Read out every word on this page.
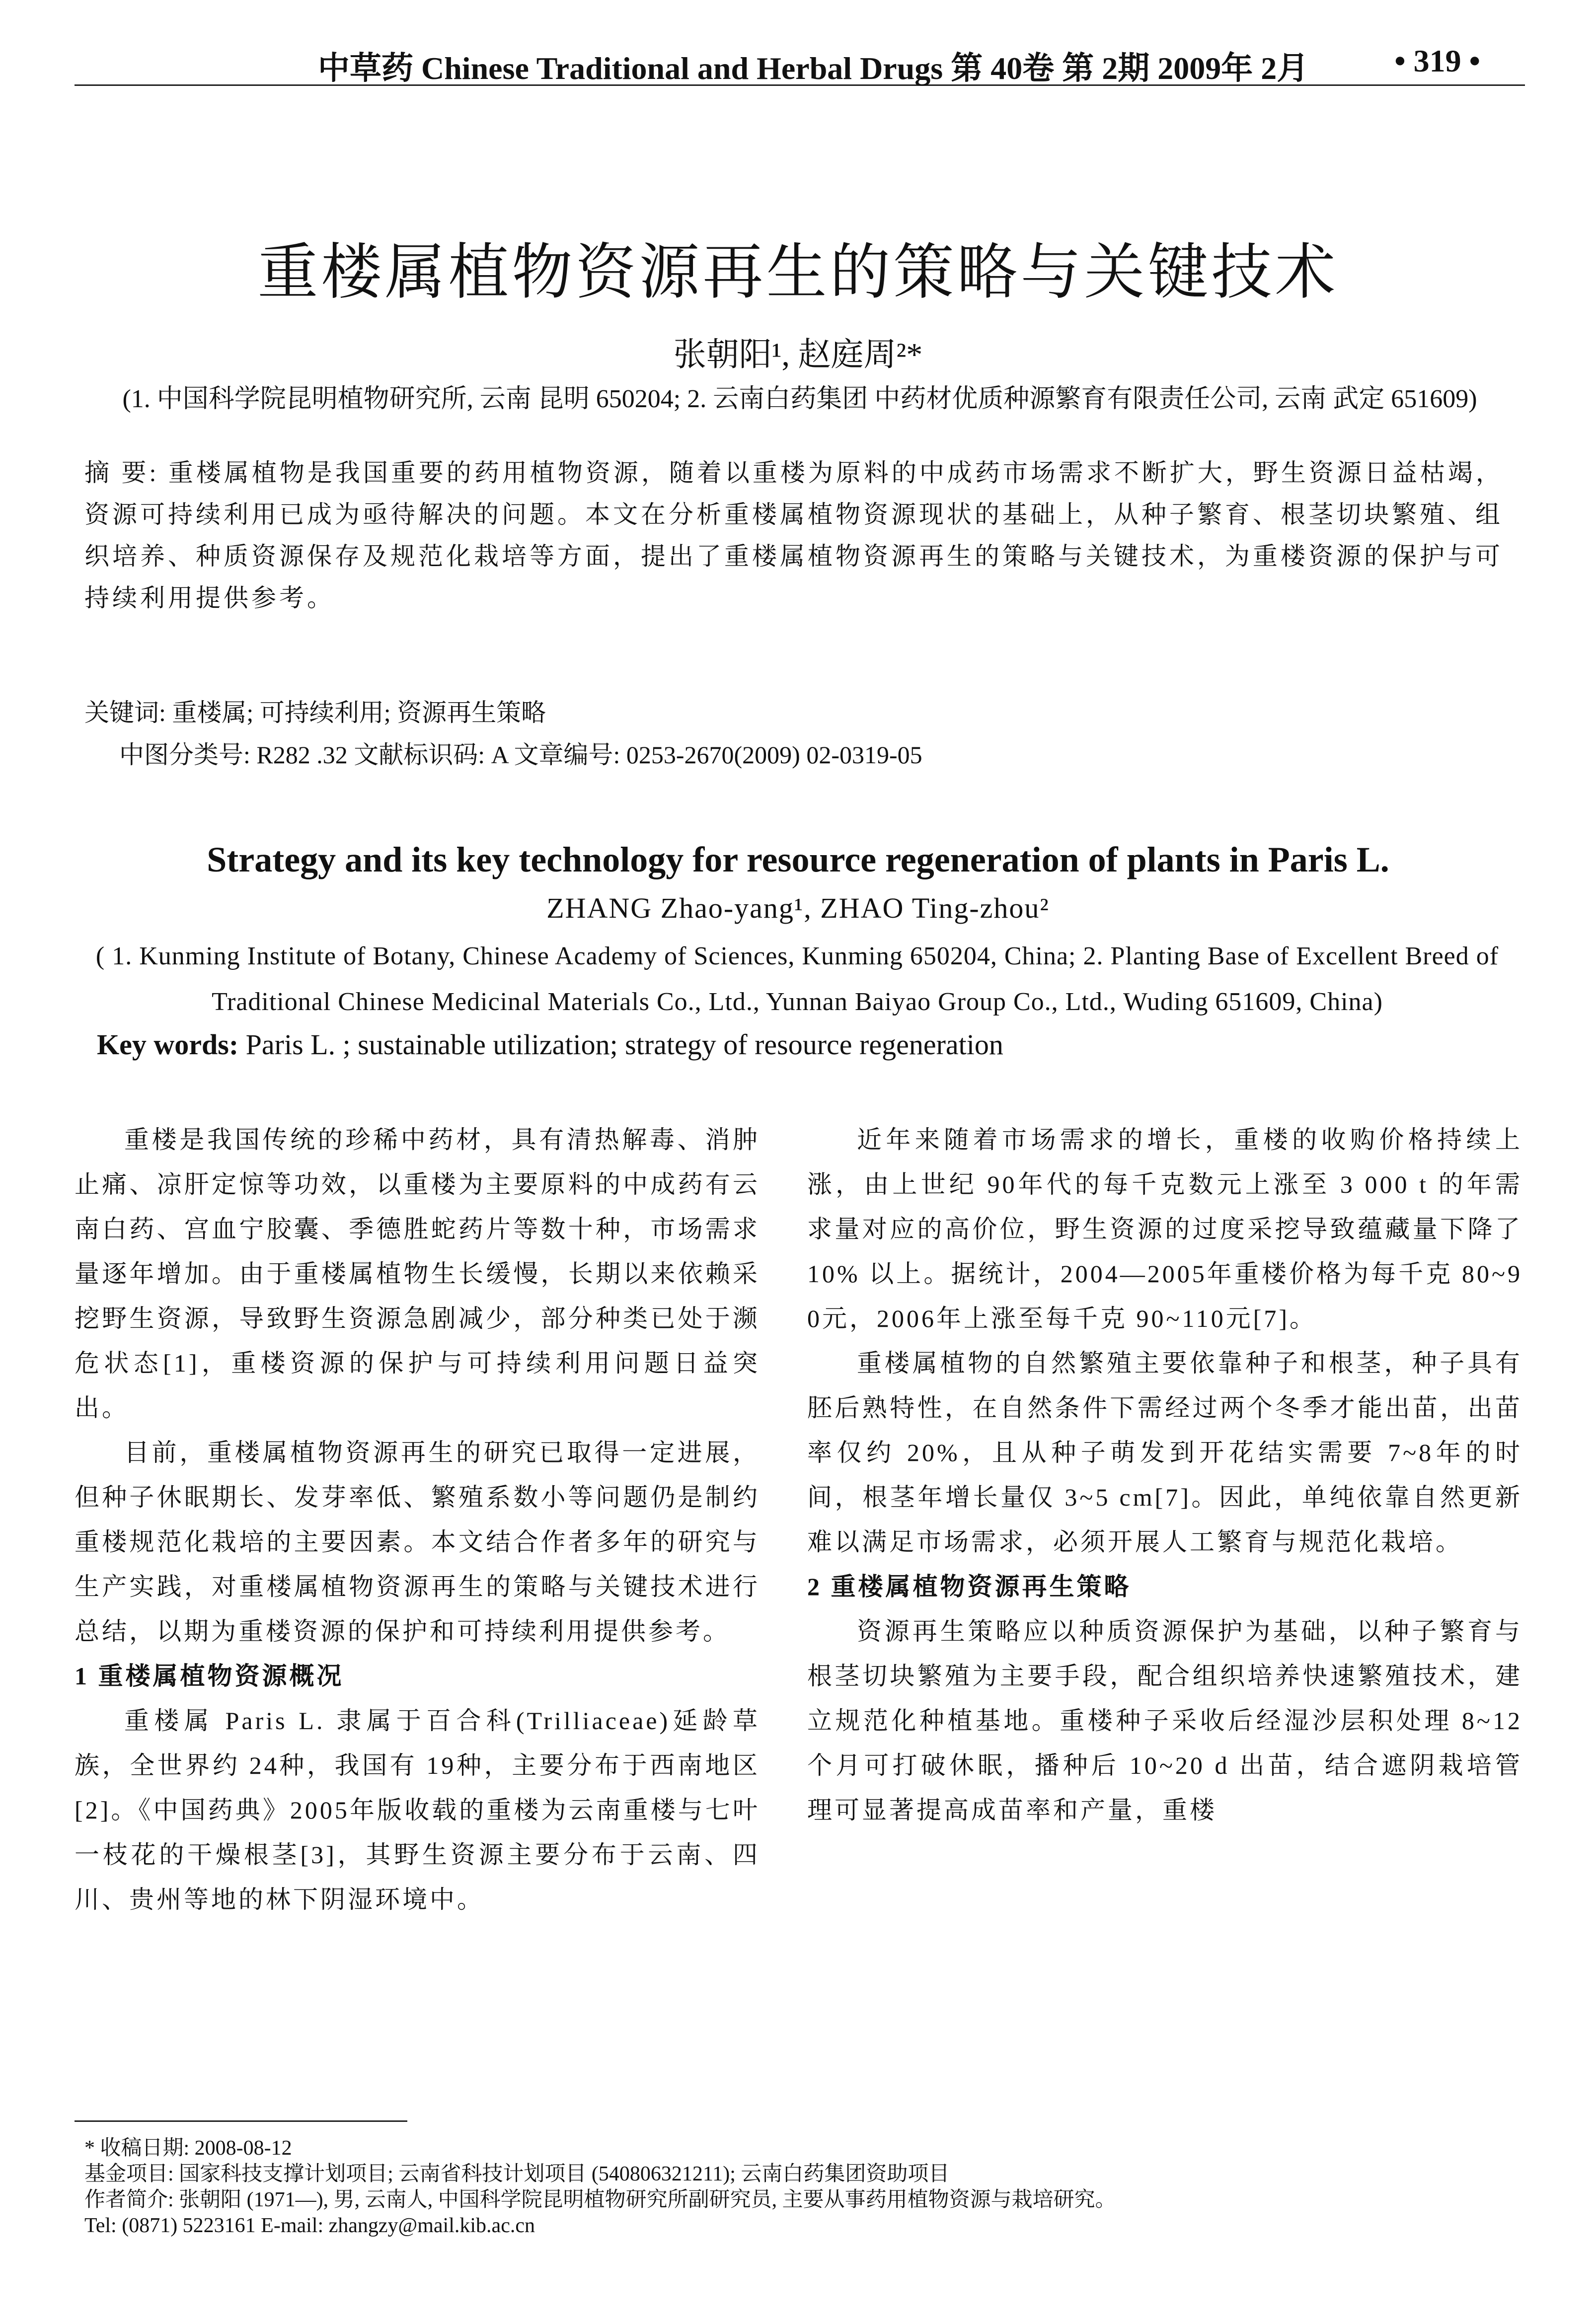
中草药 Chinese Traditional and Herbal Drugs 第 40卷 第 2期 2009年 2月	• 319 •
重楼属植物资源再生的策略与关键技术
张朝阳¹, 赵庭周²*
(1. 中国科学院昆明植物研究所, 云南 昆明 650204; 2. 云南白药集团 中药材优质种源繁育有限责任公司, 云南 武定 651609)
摘 要: 重楼属植物是我国重要的药用植物资源，随着以重楼为原料的中成药市场需求不断扩大，野生资源日益枯竭，资源可持续利用已成为亟待解决的问题。本文在分析重楼属植物资源现状的基础上，从种子繁育、根茎切块繁殖、组织培养、种质资源保存及规范化栽培等方面，提出了重楼属植物资源再生的策略与关键技术，为重楼资源的保护与可持续利用提供参考。
关键词: 重楼属; 可持续利用; 资源再生策略
中图分类号: R282 .32 文献标识码: A 文章编号: 0253-2670(2009) 02-0319-05
Strategy and its key technology for resource regeneration of plants in Paris L.
ZHANG Zhao-yang¹, ZHAO Ting-zhou²
( 1. Kunming Institute of Botany, Chinese Academy of Sciences, Kunming 650204, China; 2. Planting Base of Excellent Breed of Traditional Chinese Medicinal Materials Co., Ltd., Yunnan Baiyao Group Co., Ltd., Wuding 651609, China)
Key words: Paris L. ; sustainable utilization; strategy of resource regeneration

重楼是我国传统的珍稀中药材，具有清热解毒、消肿止痛、凉肝定惊等功效，以重楼为主要原料的中成药有云南白药、宫血宁胶囊、季德胜蛇药片等数十种，市场需求量逐年增加。由于重楼属植物生长缓慢，长期以来依赖采挖野生资源，导致野生资源急剧减少，部分种类已处于濒危状态[1]，重楼资源的保护与可持续利用问题日益突出。

目前，重楼属植物资源再生的研究已取得一定进展，但种子休眠期长、发芽率低、繁殖系数小等问题仍是制约重楼规范化栽培的主要因素。本文结合作者多年的研究与生产实践，对重楼属植物资源再生的策略与关键技术进行总结，以期为重楼资源的保护和可持续利用提供参考。

1 重楼属植物资源概况

重楼属 Paris L. 隶属于百合科(Trilliaceae)延龄草族，全世界约 24种，我国有 19种，主要分布于西南地区[2]。《中国药典》2005年版收载的重楼为云南重楼与七叶一枝花的干燥根茎[3]，其野生资源主要分布于云南、四川、贵州等地的林下阴湿环境中。

近年来随着市场需求的增长，重楼的收购价格持续上涨，由上世纪 90年代的每千克数元上涨至 3 000 t 的年需求量对应的高价位，野生资源的过度采挖导致蕴藏量下降了 10% 以上。据统计，2004—2005年重楼价格为每千克 80~90元，2006年上涨至每千克 90~110元[7]。

重楼属植物的自然繁殖主要依靠种子和根茎，种子具有胚后熟特性，在自然条件下需经过两个冬季才能出苗，出苗率仅约 20%，且从种子萌发到开花结实需要 7~8年的时间，根茎年增长量仅 3~5 cm[7]。因此，单纯依靠自然更新难以满足市场需求，必须开展人工繁育与规范化栽培。

2 重楼属植物资源再生策略

资源再生策略应以种质资源保护为基础，以种子繁育与根茎切块繁殖为主要手段，配合组织培养快速繁殖技术，建立规范化种植基地。重楼种子采收后经湿沙层积处理 8~12个月可打破休眠，播种后 10~20 d 出苗，结合遮阴栽培管理可显著提高成苗率和产量，重楼

* 收稿日期: 2008-08-12
基金项目: 国家科技支撑计划项目; 云南省科技计划项目 (540806321211); 云南白药集团资助项目
作者简介: 张朝阳 (1971—), 男, 云南人, 中国科学院昆明植物研究所副研究员, 主要从事药用植物资源与栽培研究。
Tel: (0871) 5223161 E-mail: zhangzy@mail.kib.ac.cn
